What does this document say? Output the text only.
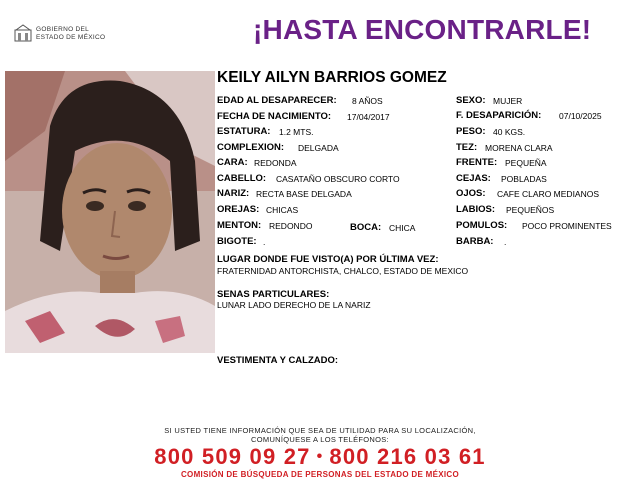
GOBIERNO DEL
ESTADO DE MÉXICO	¡HASTA ENCONTRARLE!
KEILY AILYN BARRIOS GOMEZ
EDAD AL DESAPARECER: 8 AÑOS
FECHA DE NACIMIENTO: 17/04/2017
ESTATURA: 1.2 MTS.
COMPLEXION: DELGADA
CARA: REDONDA
CABELLO: CASATAÑO OBSCURO CORTO
NARIZ: RECTA BASE DELGADA
OREJAS: CHICAS
MENTON: REDONDO	BOCA: CHICA
BIGOTE: .
SEXO: MUJER
F. DESAPARICIÓN: 07/10/2025
PESO: 40 KGS.
TEZ: MORENA CLARA
FRENTE: PEQUEÑA
CEJAS: POBLADAS
OJOS: CAFE CLARO MEDIANOS
LABIOS: PEQUEÑOS
POMULOS: POCO PROMINENTES
BARBA: .
LUGAR DONDE FUE VISTO(A) POR ÚLTIMA VEZ:
FRATERNIDAD ANTORCHISTA, CHALCO, ESTADO DE MEXICO
SENAS PARTICULARES:
LUNAR LADO DERECHO DE LA NARIZ
VESTIMENTA Y CALZADO:
SI USTED TIENE INFORMACIÓN QUE SEA DE UTILIDAD PARA SU LOCALIZACIÓN,
COMUNÍQUESE A LOS TELÉFONOS:
800 509 09 27 • 800 216 03 61
COMISIÓN DE BÚSQUEDA DE PERSONAS DEL ESTADO DE MÉXICO
